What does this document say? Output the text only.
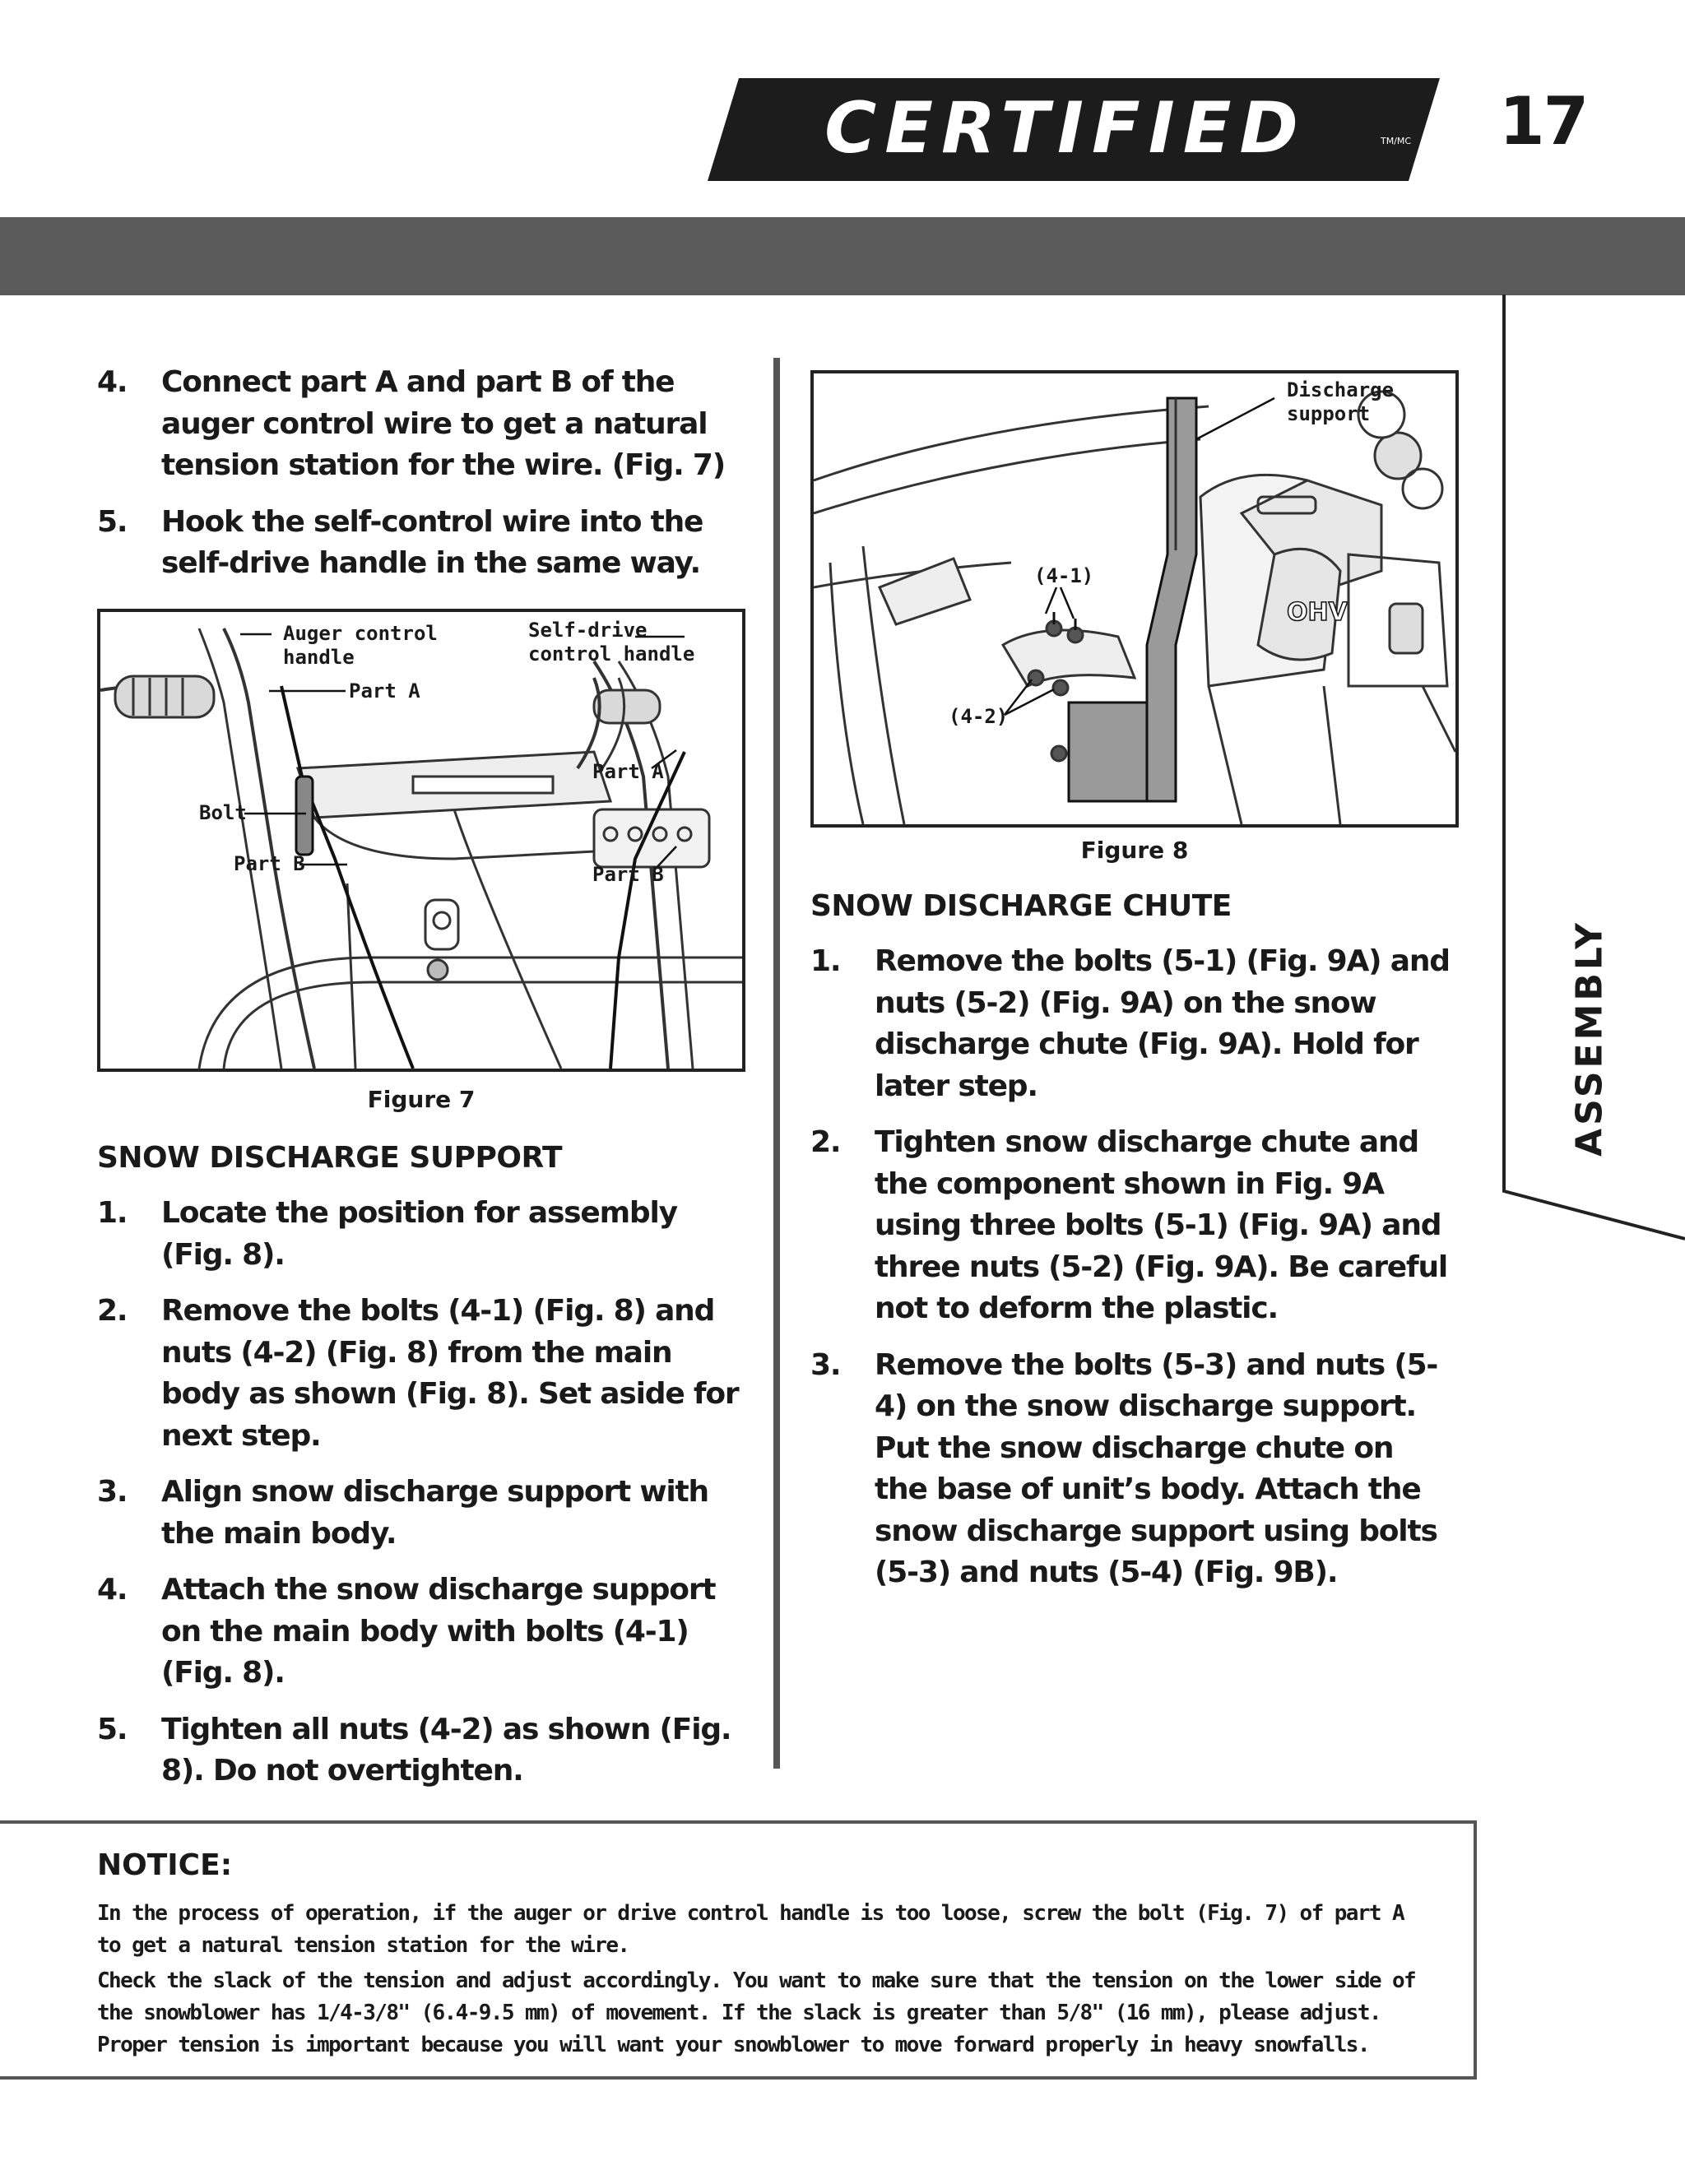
CERTIFIED	TM/MC 17
ASSEMBLY
4. Connect part A and part B of the auger control wire to get a natural tension station for the wire. (Fig. 7)
5. Hook the self-control wire into the self-drive handle in the same way.
Auger control
handle
Self-drive
control handle
Part A
Part A
Bolt
Part B	Part B
Figure 7
SNOW DISCHARGE SUPPORT
1. Locate the position for assembly (Fig. 8).
2. Remove the bolts (4-1) (Fig. 8) and nuts (4-2) (Fig. 8) from the main body as shown (Fig. 8). Set aside for next step.
3. Align snow discharge support with the main body.
4. Attach the snow discharge support on the main body with bolts (4-1) (Fig. 8).
5. Tighten all nuts (4-2) as shown (Fig. 8). Do not overtighten.
OHV
Discharge
support
(4-1)
(4-2)
Figure 8
SNOW DISCHARGE CHUTE
1. Remove the bolts (5-1) (Fig. 9A) and nuts (5-2) (Fig. 9A) on the snow discharge chute (Fig. 9A). Hold for later step.
2. Tighten snow discharge chute and the component shown in Fig. 9A using three bolts (5-1) (Fig. 9A) and three nuts (5-2) (Fig. 9A). Be careful not to deform the plastic.
3. Remove the bolts (5-3) and nuts (5-4) on the snow discharge support. Put the snow discharge chute on the base of unit’s body. Attach the snow discharge support using bolts (5-3) and nuts (5-4) (Fig. 9B).
NOTICE:
In the process of operation, if the auger or drive control handle is too loose, screw the bolt (Fig. 7) of part A to get a natural tension station for the wire.
Check the slack of the tension and adjust accordingly. You want to make sure that the tension on the lower side of the snowblower has 1/4-3/8" (6.4-9.5 mm) of movement. If the slack is greater than 5/8" (16 mm), please adjust. Proper tension is important because you will want your snowblower to move forward properly in heavy snowfalls.
